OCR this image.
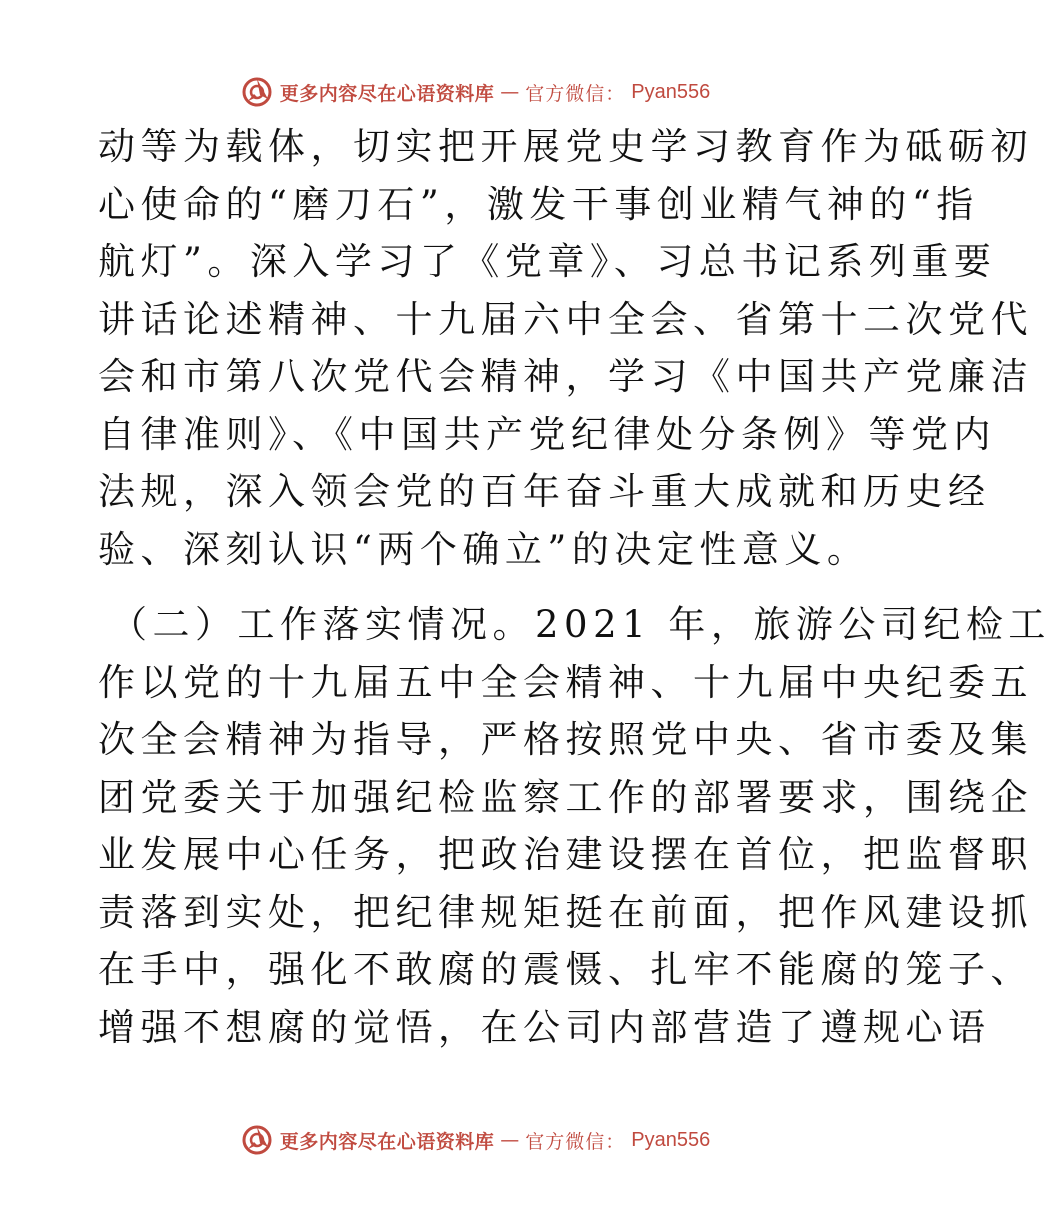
更多内容尽在心语资料库 — 官方微信： Pyan556
动等为载体，切实把开展党史学习教育作为砥砺初
心使命的“磨刀石”，激发干事创业精气神的“指
航灯”。深入学习了《党章》、习总书记系列重要
讲话论述精神、十九届六中全会、省第十二次党代
会和市第八次党代会精神，学习《中国共产党廉洁
自律准则》、《中国共产党纪律处分条例》等党内
法规，深入领会党的百年奋斗重大成就和历史经
验、深刻认识“两个确立”的决定性意义。
（二）工作落实情况。2021 年，旅游公司纪检工
作以党的十九届五中全会精神、十九届中央纪委五
次全会精神为指导，严格按照党中央、省市委及集
团党委关于加强纪检监察工作的部署要求，围绕企
业发展中心任务，把政治建设摆在首位，把监督职
责落到实处，把纪律规矩挺在前面，把作风建设抓
在手中，强化不敢腐的震慑、扎牢不能腐的笼子、
增强不想腐的觉悟，在公司内部营造了遵规心语
更多内容尽在心语资料库 — 官方微信： Pyan556
